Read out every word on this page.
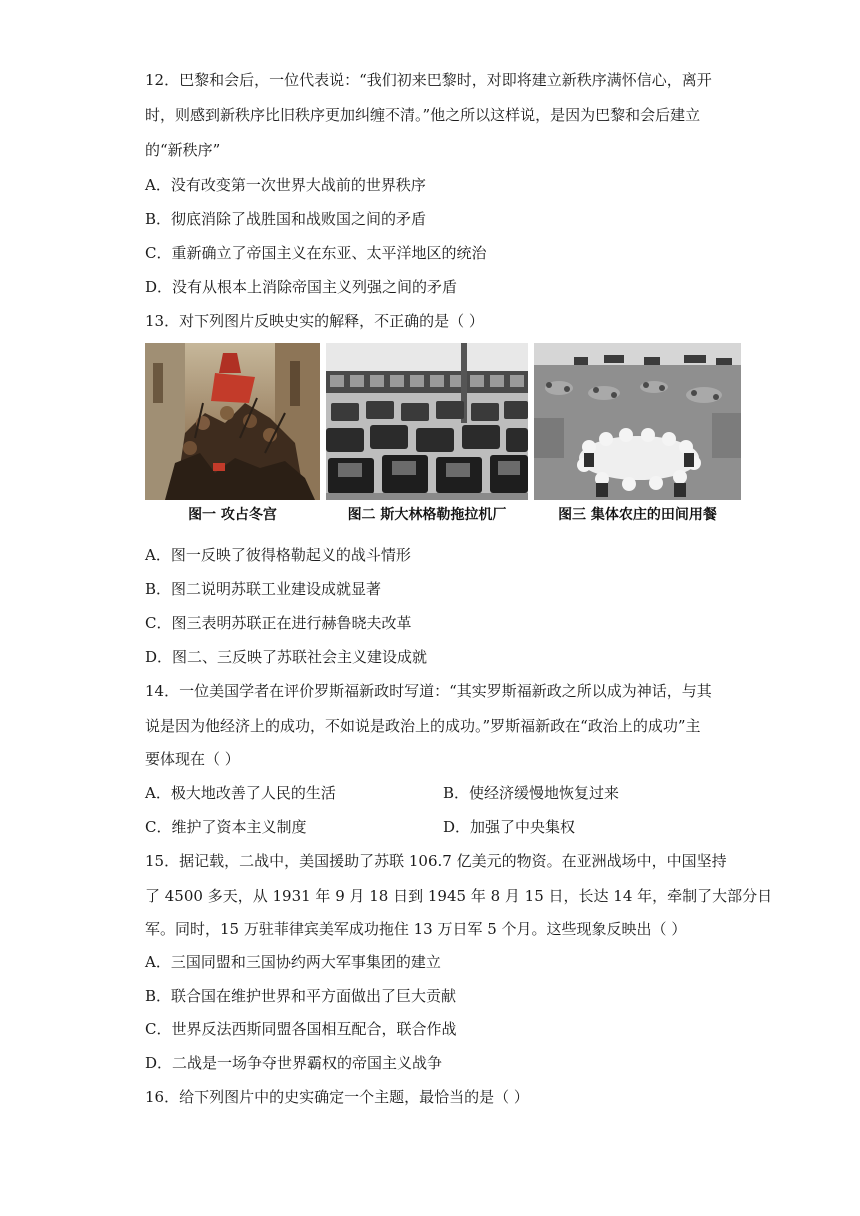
12．巴黎和会后，一位代表说：“我们初来巴黎时，对即将建立新秩序满怀信心，离开
时，则感到新秩序比旧秩序更加纠缠不清。”他之所以这样说，是因为巴黎和会后建立
的“新秩序”
A．没有改变第一次世界大战前的世界秩序
B．彻底消除了战胜国和战败国之间的矛盾
C．重新确立了帝国主义在东亚、太平洋地区的统治
D．没有从根本上消除帝国主义列强之间的矛盾
13．对下列图片反映史实的解释，不正确的是（ ）
图一 攻占冬宫	图二 斯大林格勒拖拉机厂	图三 集体农庄的田间用餐
A．图一反映了彼得格勒起义的战斗情形
B．图二说明苏联工业建设成就显著
C．图三表明苏联正在进行赫鲁晓夫改革
D．图二、三反映了苏联社会主义建设成就
14．一位美国学者在评价罗斯福新政时写道：“其实罗斯福新政之所以成为神话，与其
说是因为他经济上的成功，不如说是政治上的成功。”罗斯福新政在“政治上的成功”主
要体现在（ ）
A．极大地改善了人民的生活	B．使经济缓慢地恢复过来
C．维护了资本主义制度	D．加强了中央集权
15．据记载，二战中，美国援助了苏联 106.7 亿美元的物资。在亚洲战场中，中国坚持
了 4500 多天，从 1931 年 9 月 18 日到 1945 年 8 月 15 日，长达 14 年，牵制了大部分日
军。同时，15 万驻菲律宾美军成功拖住 13 万日军 5 个月。这些现象反映出（ ）
A．三国同盟和三国协约两大军事集团的建立
B．联合国在维护世界和平方面做出了巨大贡献
C．世界反法西斯同盟各国相互配合，联合作战
D．二战是一场争夺世界霸权的帝国主义战争
16．给下列图片中的史实确定一个主题，最恰当的是（ ）
